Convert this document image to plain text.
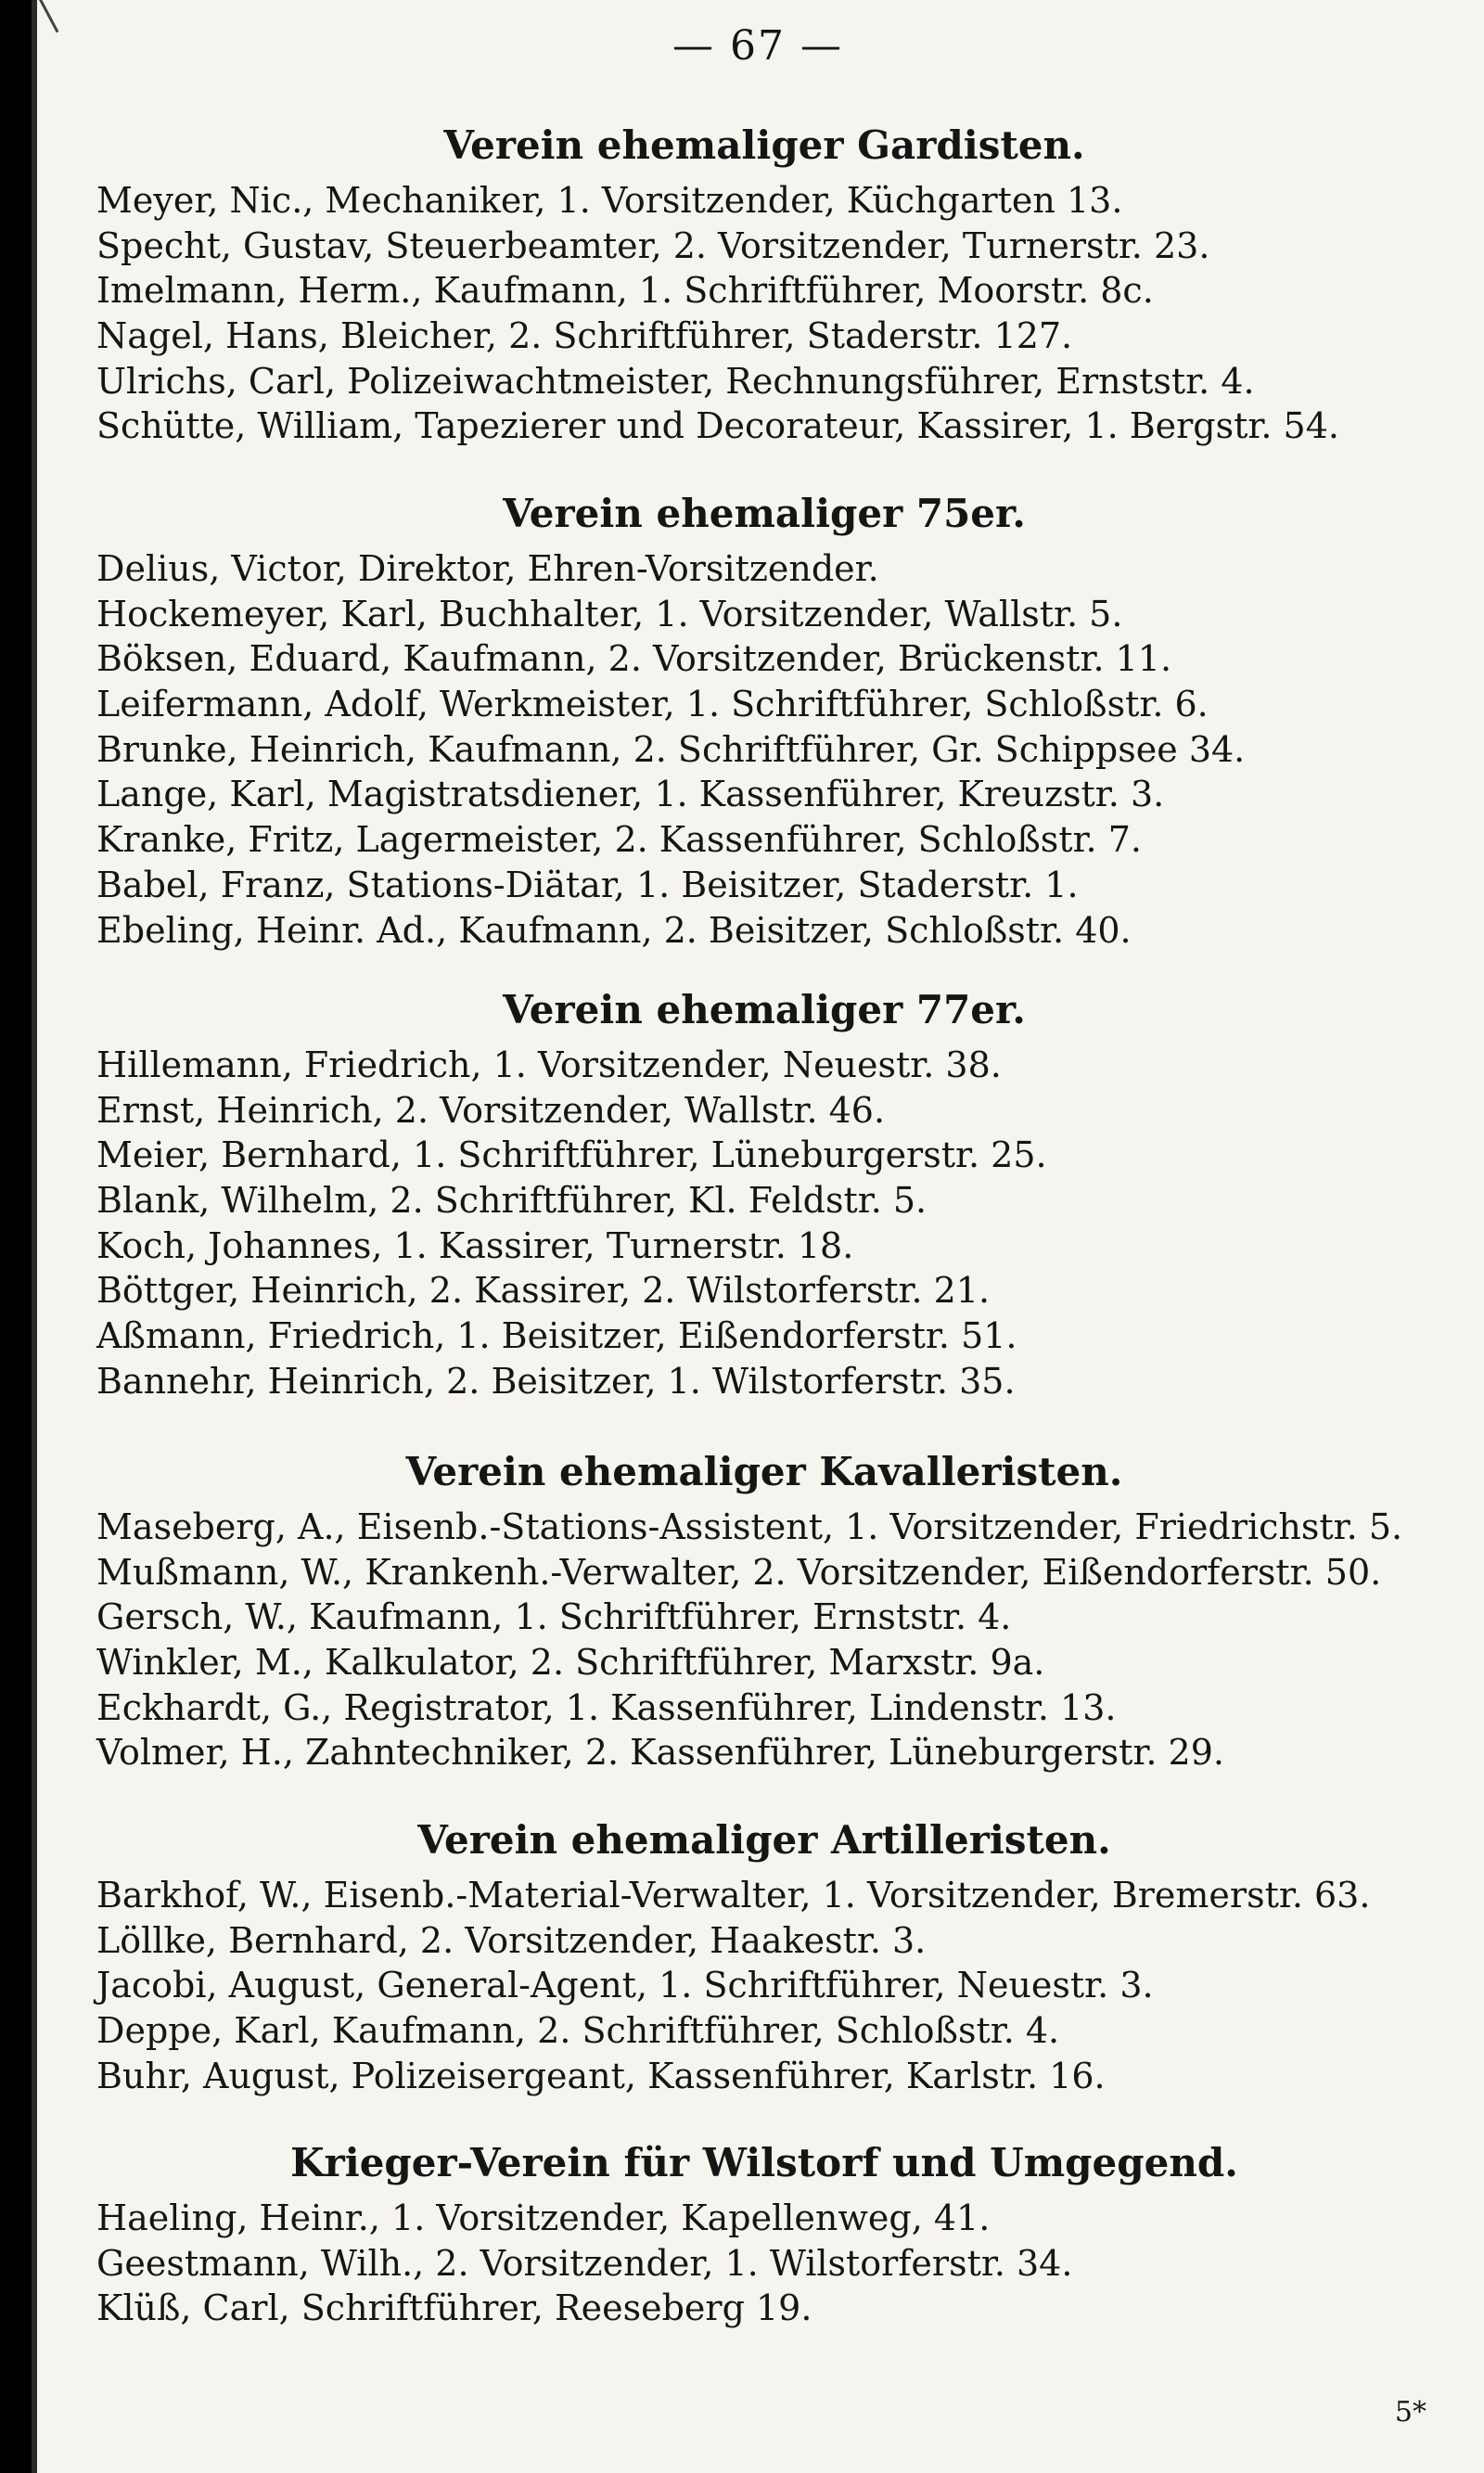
— 67 —
Verein ehemaliger Gardisten.
Meyer, Nic., Mechaniker, 1. Vorsitzender, Küchgarten 13.
Specht, Gustav, Steuerbeamter, 2. Vorsitzender, Turnerstr. 23.
Imelmann, Herm., Kaufmann, 1. Schriftführer, Moorstr. 8c.
Nagel, Hans, Bleicher, 2. Schriftführer, Staderstr. 127.
Ulrichs, Carl, Polizeiwachtmeister, Rechnungsführer, Ernststr. 4.
Schütte, William, Tapezierer und Decorateur, Kassirer, 1. Bergstr. 54.
Verein ehemaliger 75er.
Delius, Victor, Direktor, Ehren-Vorsitzender.
Hockemeyer, Karl, Buchhalter, 1. Vorsitzender, Wallstr. 5.
Böksen, Eduard, Kaufmann, 2. Vorsitzender, Brückenstr. 11.
Leifermann, Adolf, Werkmeister, 1. Schriftführer, Schloßstr. 6.
Brunke, Heinrich, Kaufmann, 2. Schriftführer, Gr. Schippsee 34.
Lange, Karl, Magistratsdiener, 1. Kassenführer, Kreuzstr. 3.
Kranke, Fritz, Lagermeister, 2. Kassenführer, Schloßstr. 7.
Babel, Franz, Stations-Diätar, 1. Beisitzer, Staderstr. 1.
Ebeling, Heinr. Ad., Kaufmann, 2. Beisitzer, Schloßstr. 40.
Verein ehemaliger 77er.
Hillemann, Friedrich, 1. Vorsitzender, Neuestr. 38.
Ernst, Heinrich, 2. Vorsitzender, Wallstr. 46.
Meier, Bernhard, 1. Schriftführer, Lüneburgerstr. 25.
Blank, Wilhelm, 2. Schriftführer, Kl. Feldstr. 5.
Koch, Johannes, 1. Kassirer, Turnerstr. 18.
Böttger, Heinrich, 2. Kassirer, 2. Wilstorferstr. 21.
Aßmann, Friedrich, 1. Beisitzer, Eißendorferstr. 51.
Bannehr, Heinrich, 2. Beisitzer, 1. Wilstorferstr. 35.
Verein ehemaliger Kavalleristen.
Maseberg, A., Eisenb.-Stations-Assistent, 1. Vorsitzender, Friedrichstr. 5.
Mußmann, W., Krankenh.-Verwalter, 2. Vorsitzender, Eißendorferstr. 50.
Gersch, W., Kaufmann, 1. Schriftführer, Ernststr. 4.
Winkler, M., Kalkulator, 2. Schriftführer, Marxstr. 9a.
Eckhardt, G., Registrator, 1. Kassenführer, Lindenstr. 13.
Volmer, H., Zahntechniker, 2. Kassenführer, Lüneburgerstr. 29.
Verein ehemaliger Artilleristen.
Barkhof, W., Eisenb.-Material-Verwalter, 1. Vorsitzender, Bremerstr. 63.
Löllke, Bernhard, 2. Vorsitzender, Haakestr. 3.
Jacobi, August, General-Agent, 1. Schriftführer, Neuestr. 3.
Deppe, Karl, Kaufmann, 2. Schriftführer, Schloßstr. 4.
Buhr, August, Polizeisergeant, Kassenführer, Karlstr. 16.
Krieger-Verein für Wilstorf und Umgegend.
Haeling, Heinr., 1. Vorsitzender, Kapellenweg, 41.
Geestmann, Wilh., 2. Vorsitzender, 1. Wilstorferstr. 34.
Klüß, Carl, Schriftführer, Reeseberg 19.
5*
